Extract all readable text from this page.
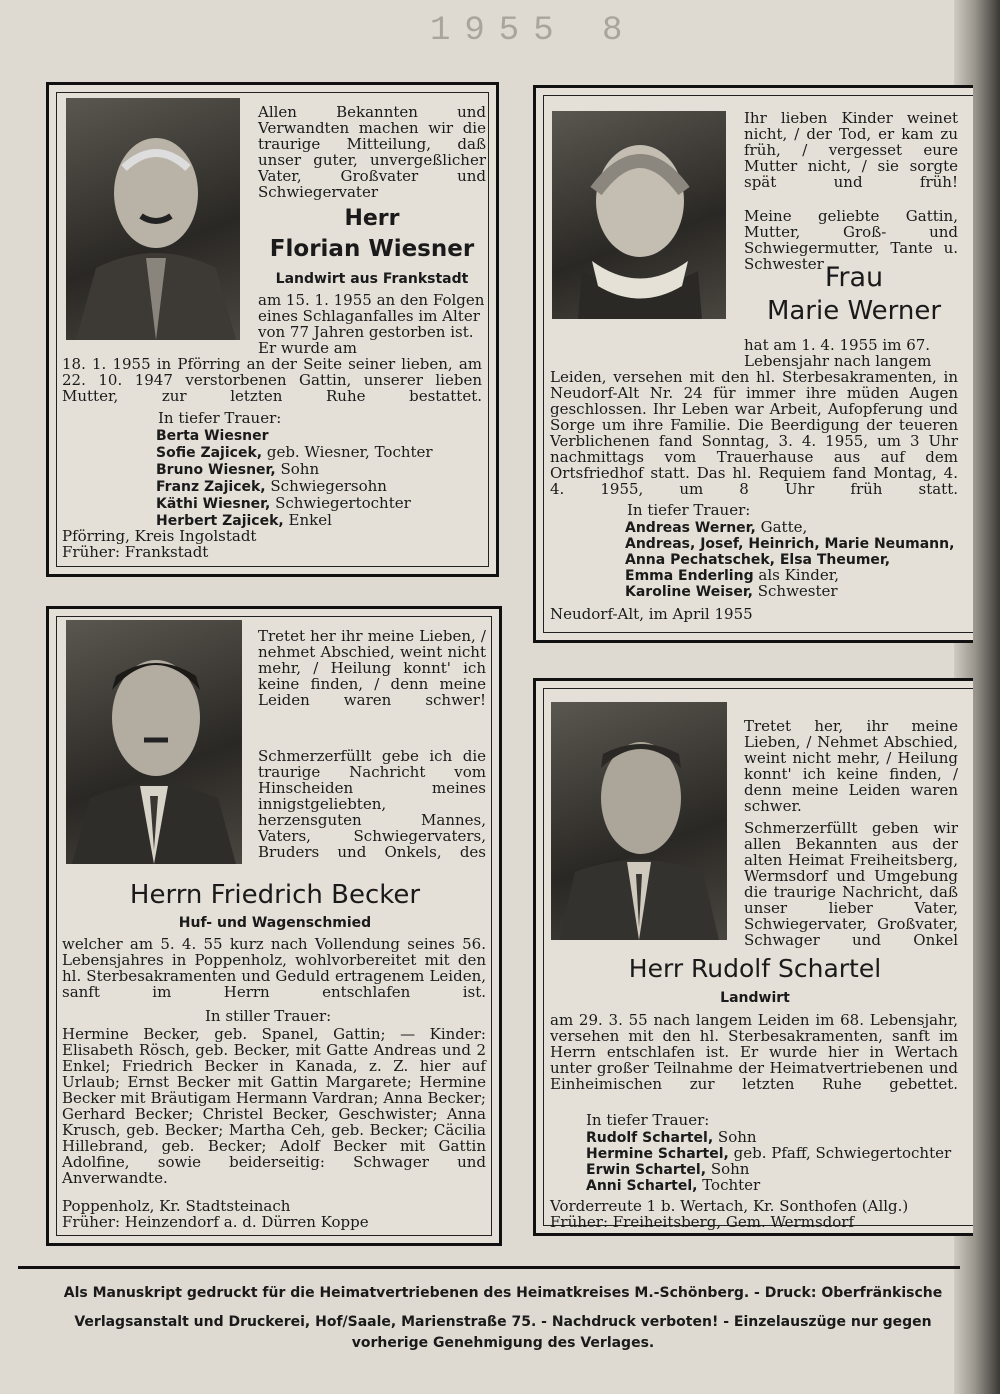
1955 8

Allen Bekannten und Verwandten machen wir die traurige Mitteilung, daß unser guter, unvergeßlicher Vater, Großvater und Schwiegervater

Herr

Florian Wiesner

Landwirt aus Frankstadt

am 15. 1. 1955 an den Folgen eines Schlaganfalles im Alter von 77 Jahren gestorben ist. Er wurde am

18. 1. 1955 in Pförring an der Seite seiner lieben, am 22. 10. 1947 verstorbenen Gattin, unserer lieben Mutter, zur letzten Ruhe bestattet.

In tiefer Trauer:

Berta Wiesner

Sofie Zajicek, geb. Wiesner, Tochter

Bruno Wiesner, Sohn

Franz Zajicek, Schwiegersohn

Käthi Wiesner, Schwiegertochter

Herbert Zajicek, Enkel

Pförring, Kreis Ingolstadt

Früher: Frankstadt

Ihr lieben Kinder weinet nicht, / der Tod, er kam zu früh, / vergesset eure Mutter nicht, / sie sorgte spät und früh!

Meine geliebte Gattin, Mutter, Groß- und Schwiegermutter, Tante u. Schwester Frau

Marie Werner

hat am 1. 4. 1955 im 67. Lebensjahr nach langem

Leiden, versehen mit den hl. Sterbesakramenten, in Neudorf-Alt Nr. 24 für immer ihre müden Augen geschlossen. Ihr Leben war Arbeit, Aufopferung und Sorge um ihre Familie. Die Beerdigung der teueren Verblichenen fand Sonntag, 3. 4. 1955, um 3 Uhr nachmittags vom Trauerhause aus auf dem Ortsfriedhof statt. Das hl. Requiem fand Montag, 4. 4. 1955, um 8 Uhr früh statt.

In tiefer Trauer:

Andreas Werner, Gatte,

Andreas, Josef, Heinrich, Marie Neumann,

Anna Pechatschek, Elsa Theumer,

Emma Enderling als Kinder,

Karoline Weiser, Schwester

Neudorf-Alt, im April 1955

Tretet her ihr meine Lieben, / nehmet Abschied, weint nicht mehr, / Heilung konnt' ich keine finden, / denn meine Leiden waren schwer!

Schmerzerfüllt gebe ich die traurige Nachricht vom Hinscheiden meines innigstgeliebten, herzensguten Mannes, Vaters, Schwiegervaters, Bruders und Onkels, des

Herrn Friedrich Becker

Huf- und Wagenschmied

welcher am 5. 4. 55 kurz nach Vollendung seines 56. Lebensjahres in Poppenholz, wohlvorbereitet mit den hl. Sterbesakramenten und Geduld ertragenem Leiden, sanft im Herrn entschlafen ist.

In stiller Trauer:

Hermine Becker, geb. Spanel, Gattin; — Kinder: Elisabeth Rösch, geb. Becker, mit Gatte Andreas und 2 Enkel; Friedrich Becker in Kanada, z. Z. hier auf Urlaub; Ernst Becker mit Gattin Margarete; Hermine Becker mit Bräutigam Hermann Vardran; Anna Becker; Gerhard Becker; Christel Becker, Geschwister; Anna Krusch, geb. Becker; Martha Ceh, geb. Becker; Cäcilia Hillebrand, geb. Becker; Adolf Becker mit Gattin Adolfine, sowie beiderseitig: Schwager und Anverwandte.

Poppenholz, Kr. Stadtsteinach

Früher: Heinzendorf a. d. Dürren Koppe

Tretet her, ihr meine Lieben, / Nehmet Abschied, weint nicht mehr, / Heilung konnt' ich keine finden, / denn meine Leiden waren schwer.

Schmerzerfüllt geben wir allen Bekannten aus der alten Heimat Freiheitsberg, Wermsdorf und Umgebung die traurige Nachricht, daß unser lieber Vater, Schwiegervater, Großvater, Schwager und Onkel

Herr Rudolf Schartel

Landwirt

am 29. 3. 55 nach langem Leiden im 68. Lebensjahr, versehen mit den hl. Sterbesakramenten, sanft im Herrn entschlafen ist. Er wurde hier in Wertach unter großer Teilnahme der Heimatvertriebenen und Einheimischen zur letzten Ruhe gebettet.

In tiefer Trauer:

Rudolf Schartel, Sohn

Hermine Schartel, geb. Pfaff, Schwiegertochter

Erwin Schartel, Sohn

Anni Schartel, Tochter

Vorderreute 1 b. Wertach, Kr. Sonthofen (Allg.)

Früher: Freiheitsberg, Gem. Wermsdorf

Als Manuskript gedruckt für die Heimatvertriebenen des Heimatkreises M.-Schönberg. - Druck: Oberfränkische
Verlagsanstalt und Druckerei, Hof/Saale, Marienstraße 75. - Nachdruck verboten! - Einzelauszüge nur gegen
vorherige Genehmigung des Verlages.
